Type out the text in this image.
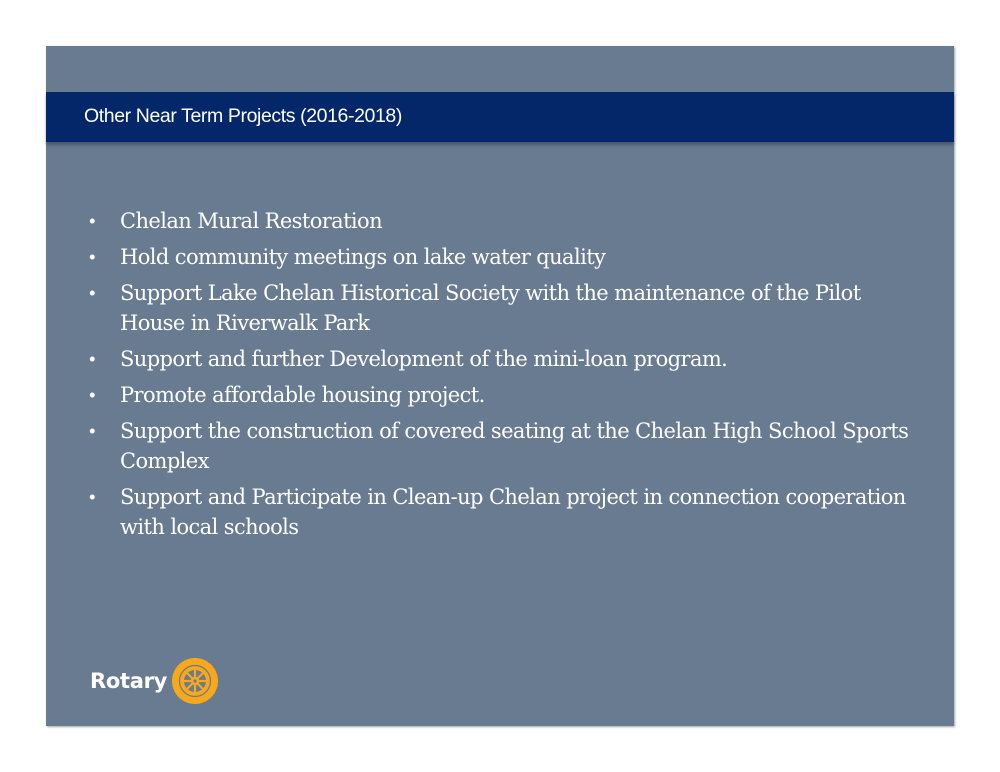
Other Near Term Projects (2016-2018)
• Chelan Mural Restoration
• Hold community meetings on lake water quality
• Support Lake Chelan Historical Society with the maintenance of the Pilot House in Riverwalk Park
• Support and further Development of the mini-loan program.
• Promote affordable housing project.
• Support the construction of covered seating at the Chelan High School Sports Complex
• Support and Participate in Clean-up Chelan project in connection cooperation with local schools
Rotary
